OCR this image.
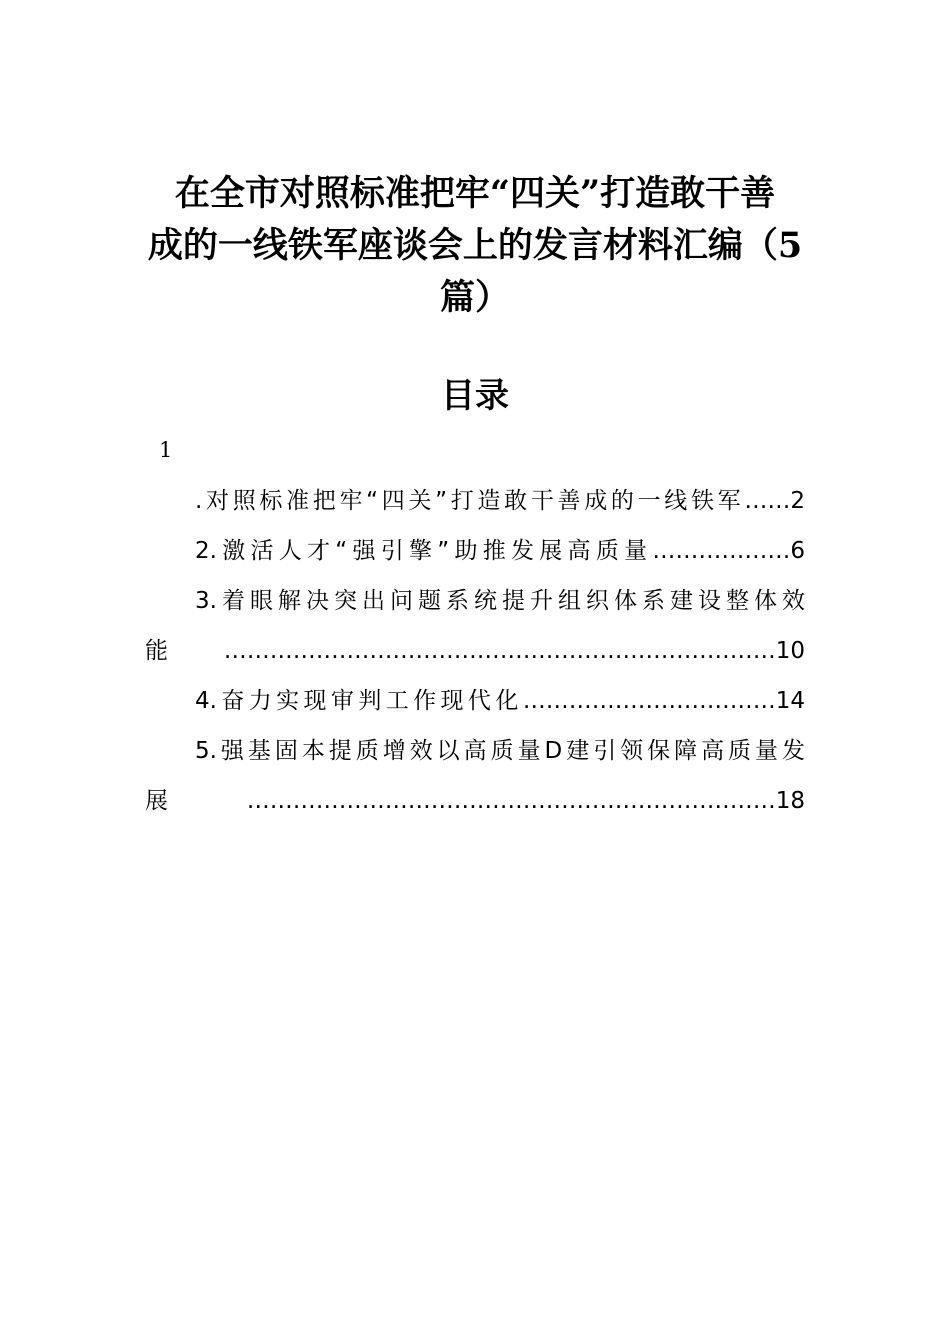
在全市对照标准把牢“四关”打造敢干善
成的一线铁军座谈会上的发言材料汇编（5
篇）
目录
1
.对照标准把牢“四关”打造敢干善成的一线铁军……2
2.激活人才“强引擎”助推发展高质量………………6
3.着眼解决突出问题系统提升组织体系建设整体效能………………………………………………………………10
4.奋力实现审判工作现代化……………………………14
5.强基固本提质增效以高质量D建引领保障高质量发展……………………………………………………………18
